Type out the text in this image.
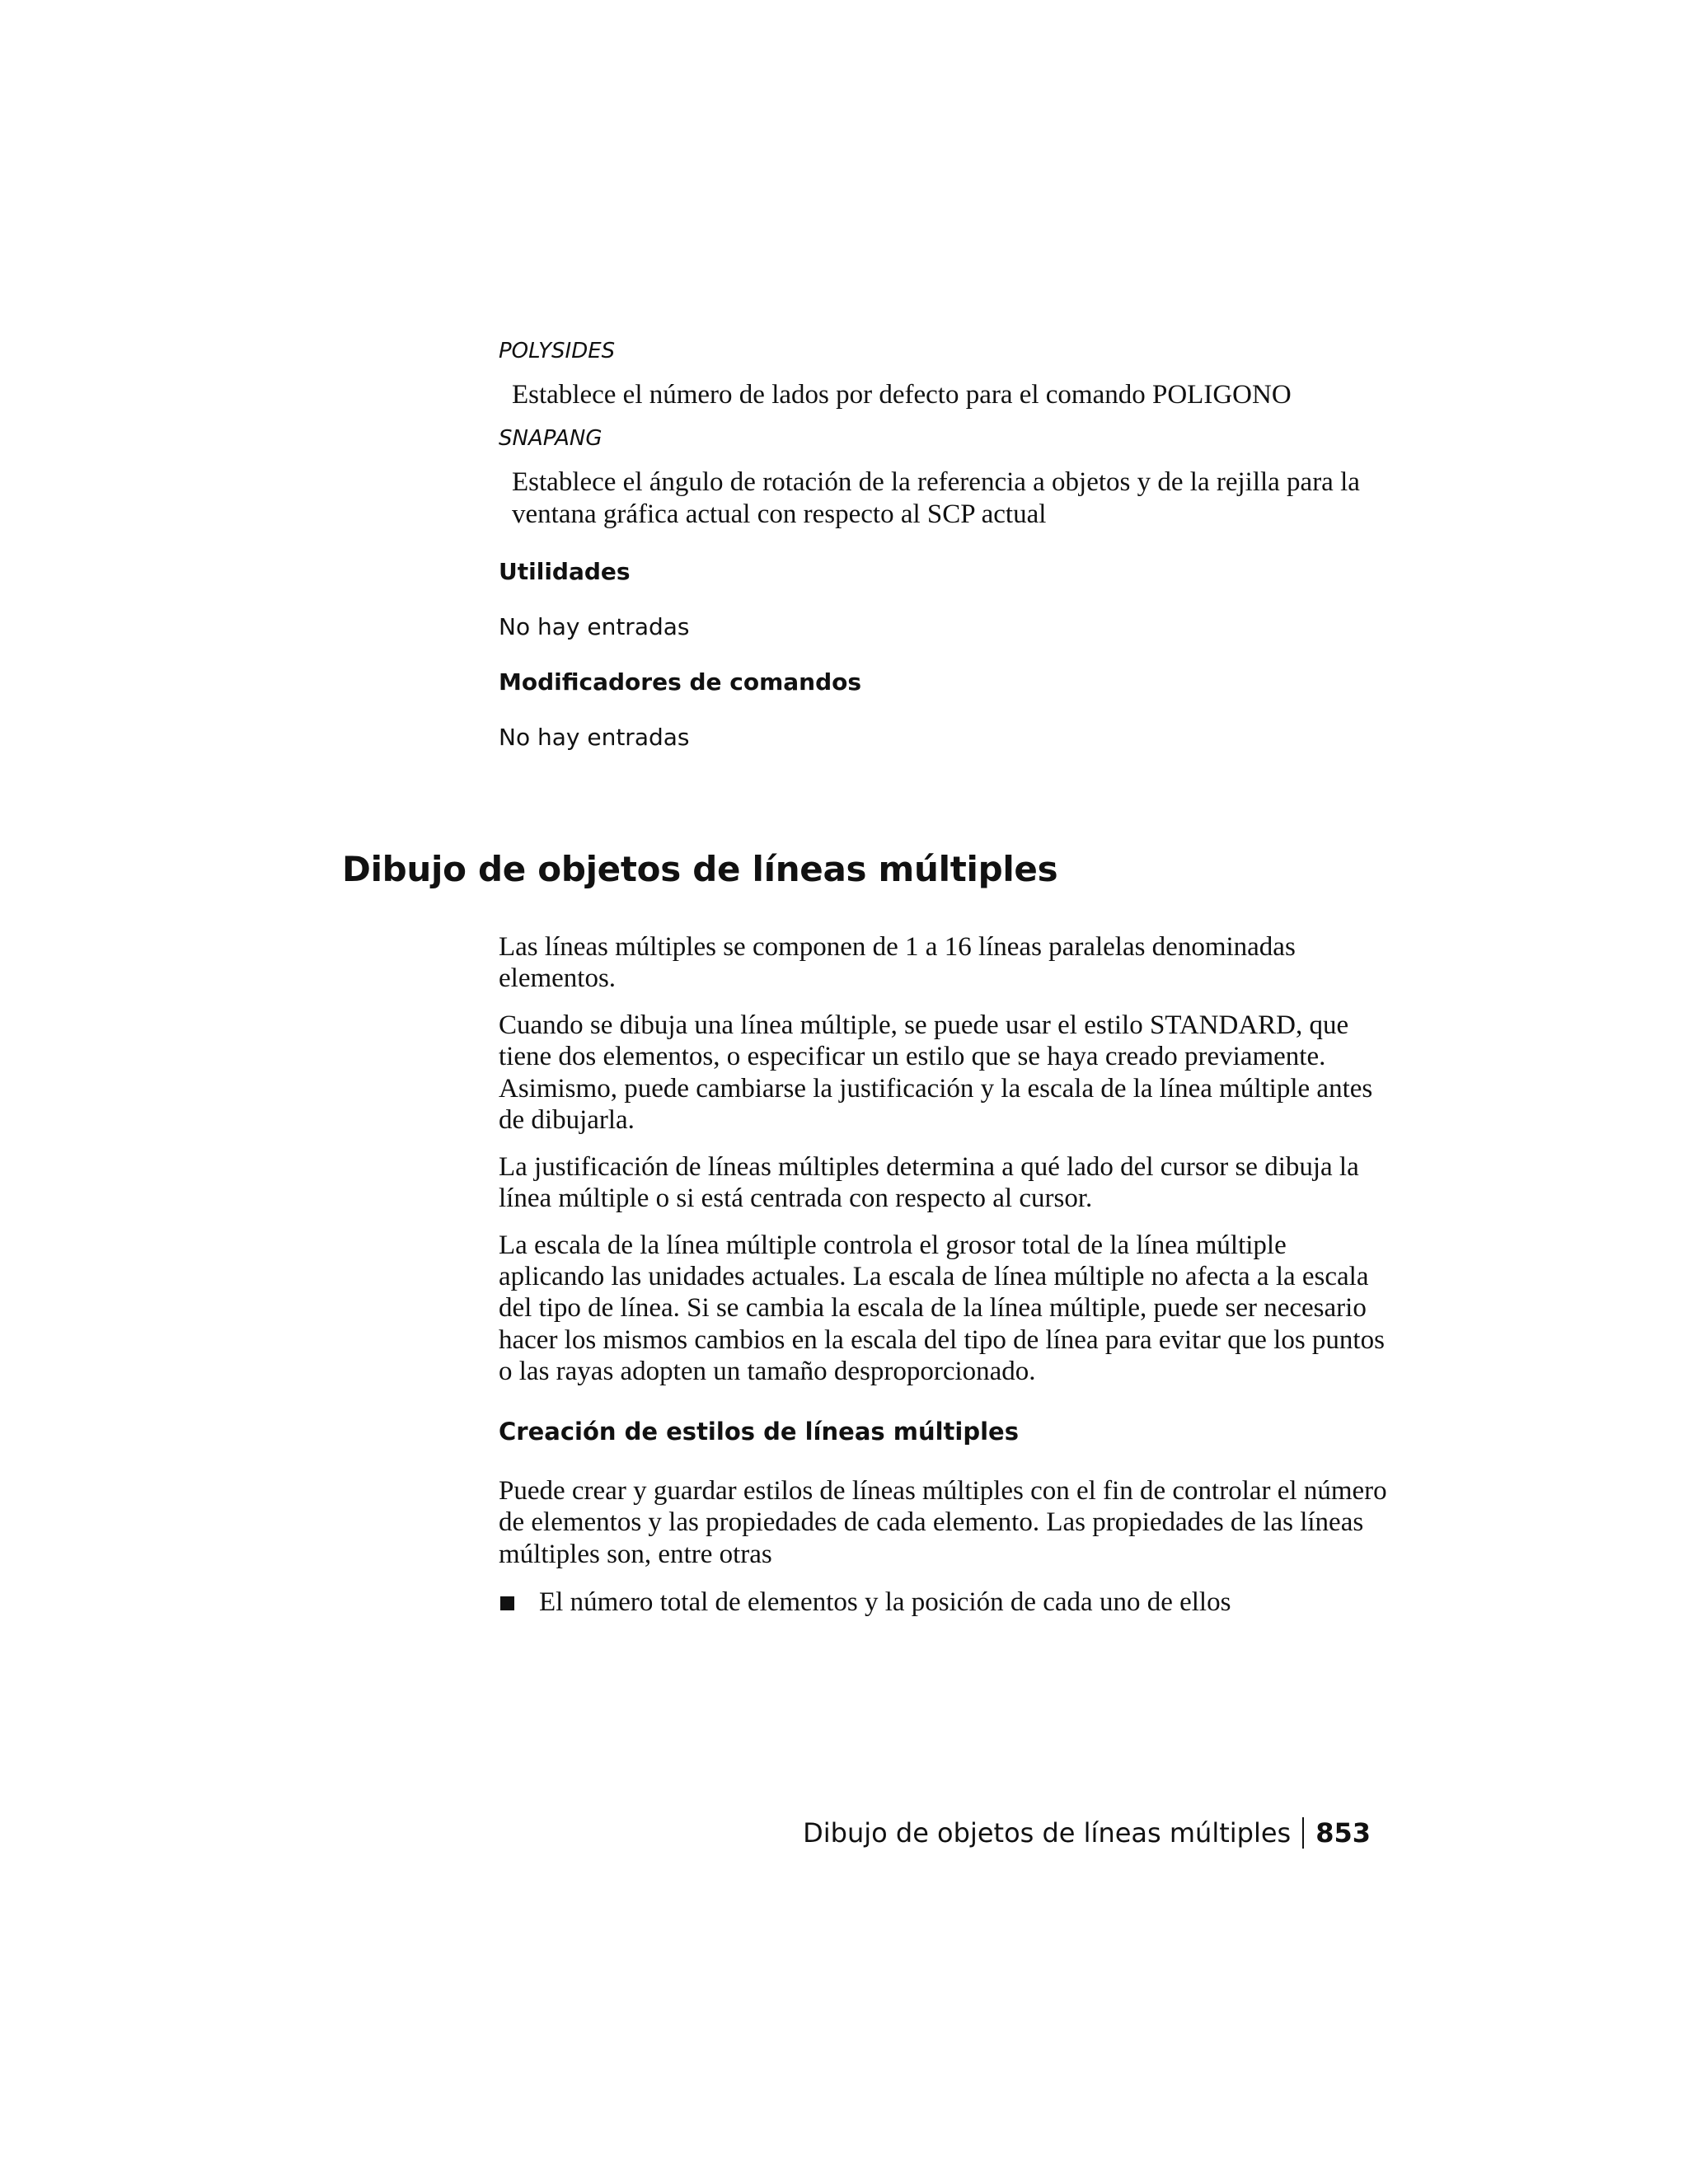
POLYSIDES

Establece el número de lados por defecto para el comando POLIGONO

SNAPANG

Establece el ángulo de rotación de la referencia a objetos y de la rejilla para la ventana gráfica actual con respecto al SCP actual

Utilidades

No hay entradas

Modificadores de comandos

No hay entradas

Dibujo de objetos de líneas múltiples

Las líneas múltiples se componen de 1 a 16 líneas paralelas denominadas elementos.

Cuando se dibuja una línea múltiple, se puede usar el estilo STANDARD, que tiene dos elementos, o especificar un estilo que se haya creado previamente. Asimismo, puede cambiarse la justificación y la escala de la línea múltiple antes de dibujarla.

La justificación de líneas múltiples determina a qué lado del cursor se dibuja la línea múltiple o si está centrada con respecto al cursor.

La escala de la línea múltiple controla el grosor total de la línea múltiple aplicando las unidades actuales. La escala de línea múltiple no afecta a la escala del tipo de línea. Si se cambia la escala de la línea múltiple, puede ser necesario hacer los mismos cambios en la escala del tipo de línea para evitar que los puntos o las rayas adopten un tamaño desproporcionado.

Creación de estilos de líneas múltiples

Puede crear y guardar estilos de líneas múltiples con el fin de controlar el número de elementos y las propiedades de cada elemento. Las propiedades de las líneas múltiples son, entre otras

El número total de elementos y la posición de cada uno de ellos
Dibujo de objetos de líneas múltiples 853
